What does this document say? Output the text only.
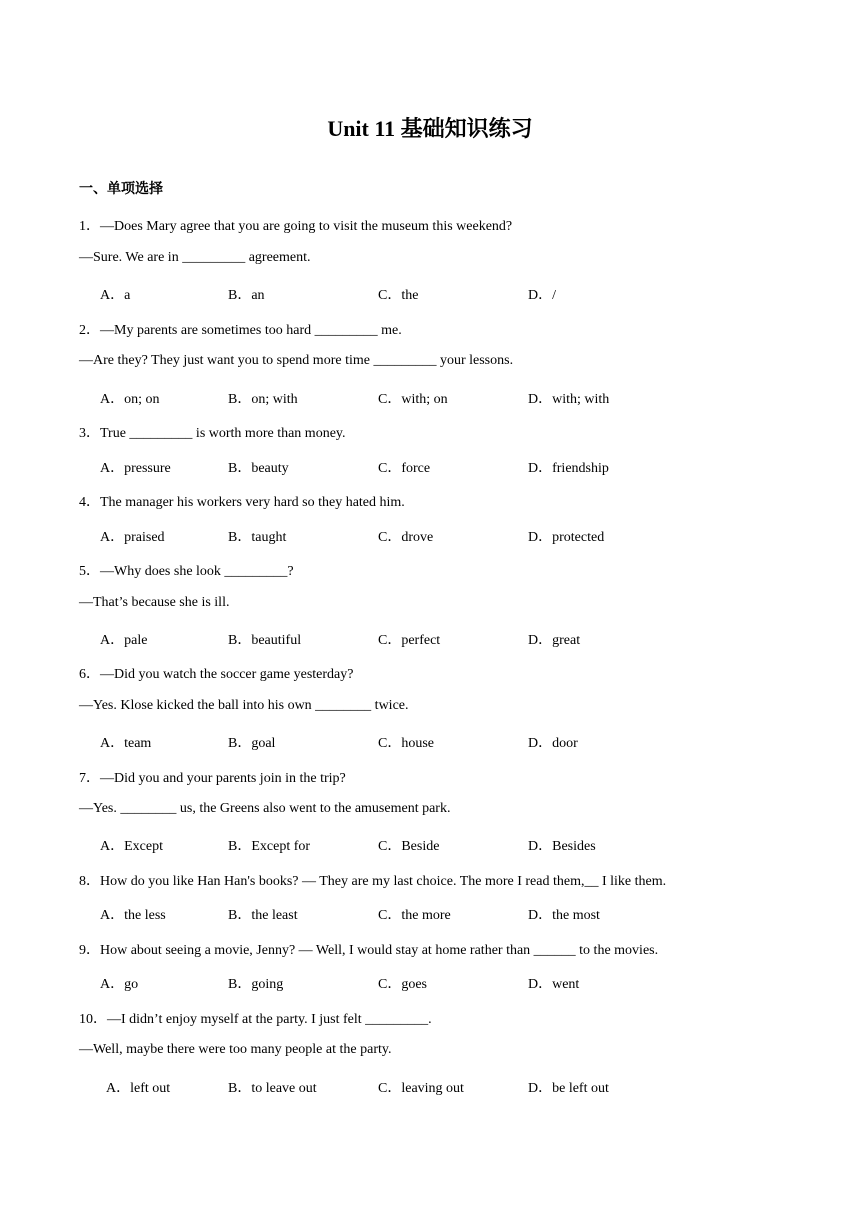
Unit 11 基础知识练习
一、单项选择
1．—Does Mary agree that you are going to visit the museum this weekend?
—Sure. We are in _________ agreement.
A．a	B．an	C．the	D．/
2．—My parents are sometimes too hard _________ me.
—Are they? They just want you to spend more time _________ your lessons.
A．on; on	B．on; with	C．with; on	D．with; with
3．True _________ is worth more than money.
A．pressure	B．beauty	C．force	D．friendship
4．The manager his workers very hard so they hated him.
A．praised	B．taught	C．drove	D．protected
5．—Why does she look _________?
—That’s because she is ill.
A．pale	B．beautiful	C．perfect	D．great
6．—Did you watch the soccer game yesterday?
—Yes. Klose kicked the ball into his own ________ twice.
A．team	B．goal	C．house	D．door
7．—Did you and your parents join in the trip?
—Yes. ________ us, the Greens also went to the amusement park.
A．Except	B．Except for	C．Beside	D．Besides
8．How do you like Han Han's books? — They are my last choice. The more I read them,__ I like them.
A．the less	B．the least	C．the more	D．the most
9．How about seeing a movie, Jenny? — Well, I would stay at home rather than ______ to the movies.
A．go	B．going	C．goes	D．went
10．—I didn’t enjoy myself at the party. I just felt _________.
—Well, maybe there were too many people at the party.
A．left out	B．to leave out	C．leaving out	D．be left out
